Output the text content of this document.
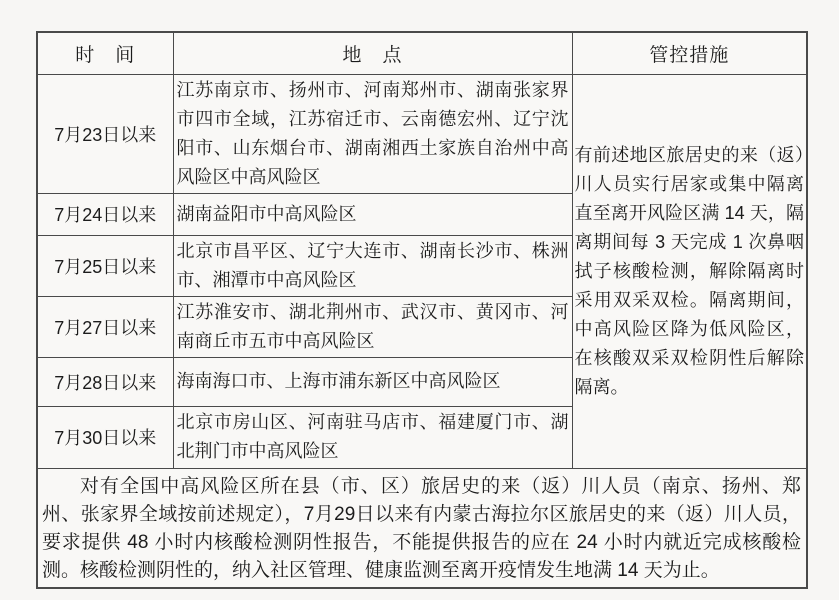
时　间	地　点	管控措施
7月23日以来	江苏南京市、扬州市、河南郑州市、湖南张家界市四市全域，江苏宿迁市、云南德宏州、辽宁沈阳市、山东烟台市、湖南湘西土家族自治州中高风险区中高风险区	有前述地区旅居史的来（返）川人员实行居家或集中隔离直至离开风险区满 14 天，隔离期间每 3 天完成 1 次鼻咽拭子核酸检测，解除隔离时采用双采双检。隔离期间，中高风险区降为低风险区，在核酸双采双检阴性后解除隔离。
7月24日以来	湖南益阳市中高风险区	
7月25日以来	北京市昌平区、辽宁大连市、湖南长沙市、株洲市、湘潭市中高风险区	
7月27日以来	江苏淮安市、湖北荆州市、武汉市、黄冈市、河南商丘市五市中高风险区	
7月28日以来	海南海口市、上海市浦东新区中高风险区	
7月30日以来	北京市房山区、河南驻马店市、福建厦门市、湖北荆门市中高风险区	

对有全国中高风险区所在县（市、区）旅居史的来（返）川人员（南京、扬州、郑州、张家界全域按前述规定），7月29日以来有内蒙古海拉尔区旅居史的来（返）川人员，要求提供 48 小时内核酸检测阴性报告，不能提供报告的应在 24 小时内就近完成核酸检测。核酸检测阴性的，纳入社区管理、健康监测至离开疫情发生地满 14 天为止。		
